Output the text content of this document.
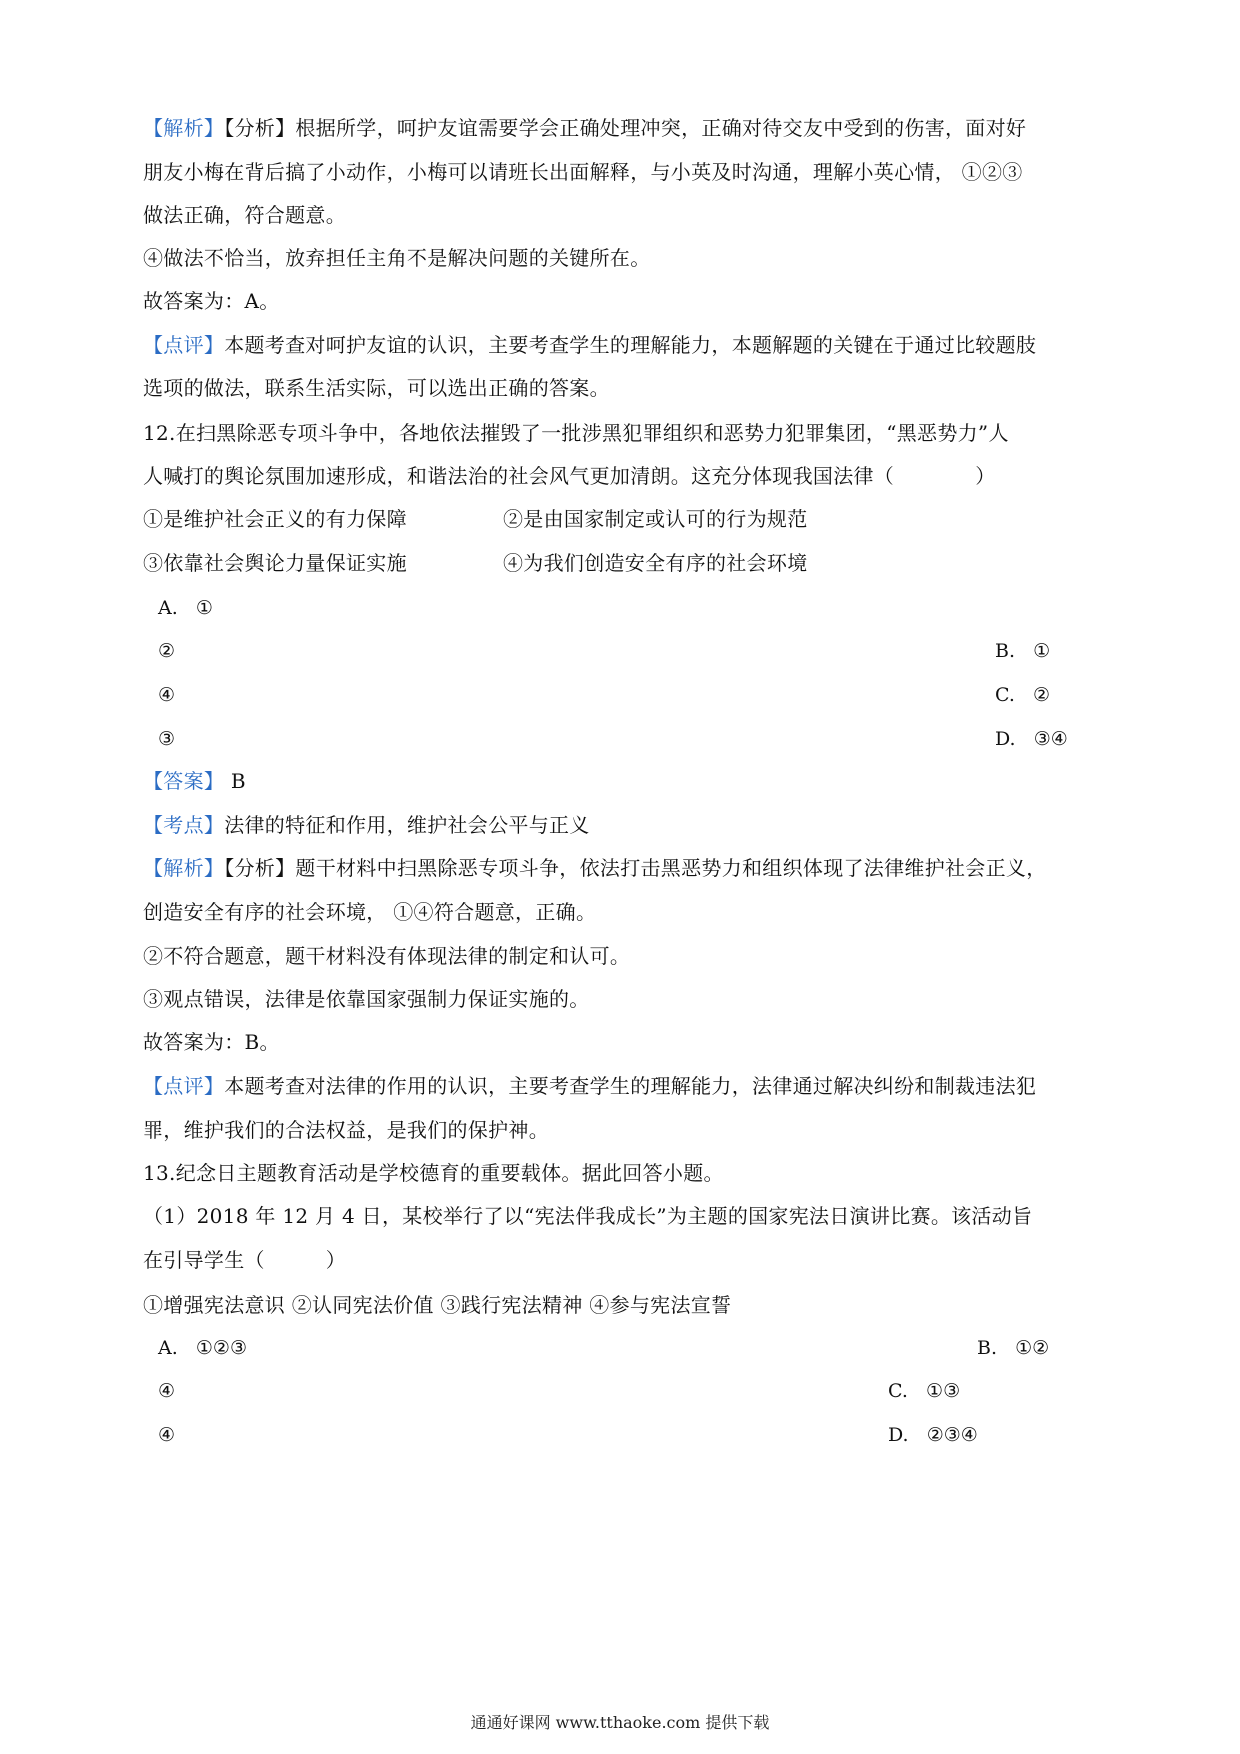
【解析】【分析】根据所学，呵护友谊需要学会正确处理冲突，正确对待交友中受到的伤害，面对好

朋友小梅在背后搞了小动作，小梅可以请班长出面解释，与小英及时沟通，理解小英心情， ①②③

做法正确，符合题意。

④做法不恰当，放弃担任主角不是解决问题的关键所在。

故答案为：A。

【点评】本题考查对呵护友谊的认识，主要考查学生的理解能力，本题解题的关键在于通过比较题肢

选项的做法，联系生活实际，可以选出正确的答案。

12.在扫黑除恶专项斗争中，各地依法摧毁了一批涉黑犯罪组织和恶势力犯罪集团，“黑恶势力”人

人喊打的舆论氛围加速形成，和谐法治的社会风气更加清朗。这充分体现我国法律（　　　　）

①是维护社会正义的有力保障	②是由国家制定或认可的行为规范

③依靠社会舆论力量保证实施	④为我们创造安全有序的社会环境

A. ①

②

④

③

B. ①

C. ②

D. ③④

【答案】 B

【考点】法律的特征和作用，维护社会公平与正义

【解析】【分析】题干材料中扫黑除恶专项斗争，依法打击黑恶势力和组织体现了法律维护社会正义，

创造安全有序的社会环境， ①④符合题意，正确。

②不符合题意，题干材料没有体现法律的制定和认可。

③观点错误，法律是依靠国家强制力保证实施的。

故答案为：B。

【点评】本题考查对法律的作用的认识，主要考查学生的理解能力，法律通过解决纠纷和制裁违法犯

罪，维护我们的合法权益，是我们的保护神。

13.纪念日主题教育活动是学校德育的重要载体。据此回答小题。

（1）2018 年 12 月 4 日，某校举行了以“宪法伴我成长”为主题的国家宪法日演讲比赛。该活动旨

在引导学生（　　　）

①增强宪法意识 ②认同宪法价值 ③践行宪法精神 ④参与宪法宣誓

A. ①②③

④

④

B. ①②

C. ①③

D. ②③④

通通好课网 www.tthaoke.com 提供下载
